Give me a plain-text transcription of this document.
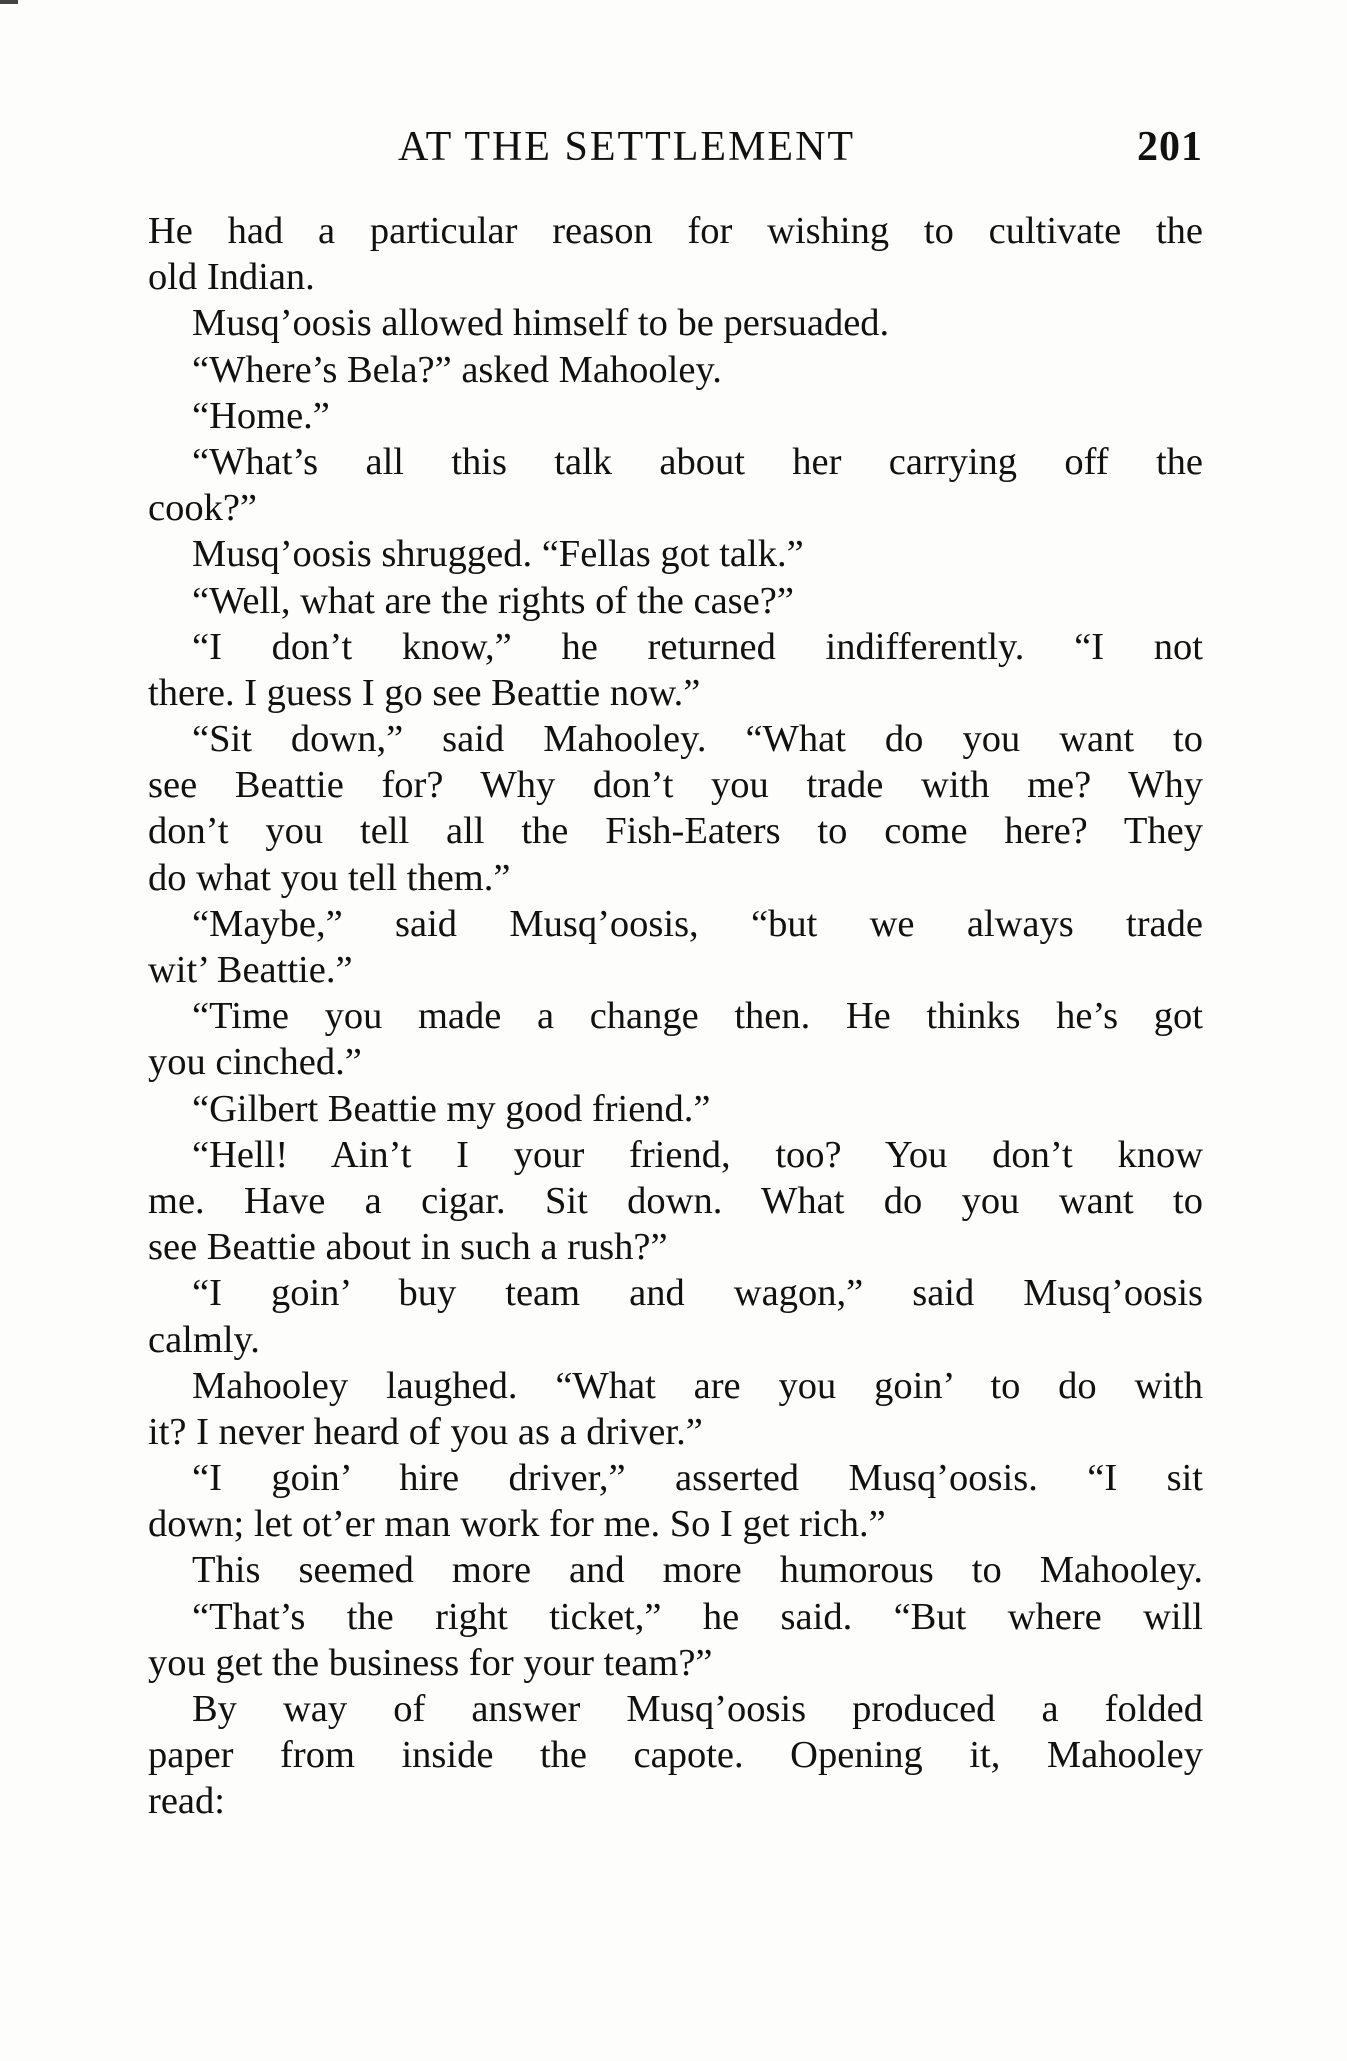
AT THE SETTLEMENT	201
He had a particular reason for wishing to cultivate the
old Indian.
Musq’oosis allowed himself to be persuaded.
“Where’s Bela?” asked Mahooley.
“Home.”
“What’s all this talk about her carrying off the
cook?”
Musq’oosis shrugged. “Fellas got talk.”
“Well, what are the rights of the case?”
“I don’t know,” he returned indifferently. “I not
there. I guess I go see Beattie now.”
“Sit down,” said Mahooley. “What do you want to
see Beattie for? Why don’t you trade with me? Why
don’t you tell all the Fish-Eaters to come here? They
do what you tell them.”
“Maybe,” said Musq’oosis, “but we always trade
wit’ Beattie.”
“Time you made a change then. He thinks he’s got
you cinched.”
“Gilbert Beattie my good friend.”
“Hell! Ain’t I your friend, too? You don’t know
me. Have a cigar. Sit down. What do you want to
see Beattie about in such a rush?”
“I goin’ buy team and wagon,” said Musq’oosis
calmly.
Mahooley laughed. “What are you goin’ to do with
it? I never heard of you as a driver.”
“I goin’ hire driver,” asserted Musq’oosis. “I sit
down; let ot’er man work for me. So I get rich.”
This seemed more and more humorous to Mahooley.
“That’s the right ticket,” he said. “But where will
you get the business for your team?”
By way of answer Musq’oosis produced a folded
paper from inside the capote. Opening it, Mahooley
read:
